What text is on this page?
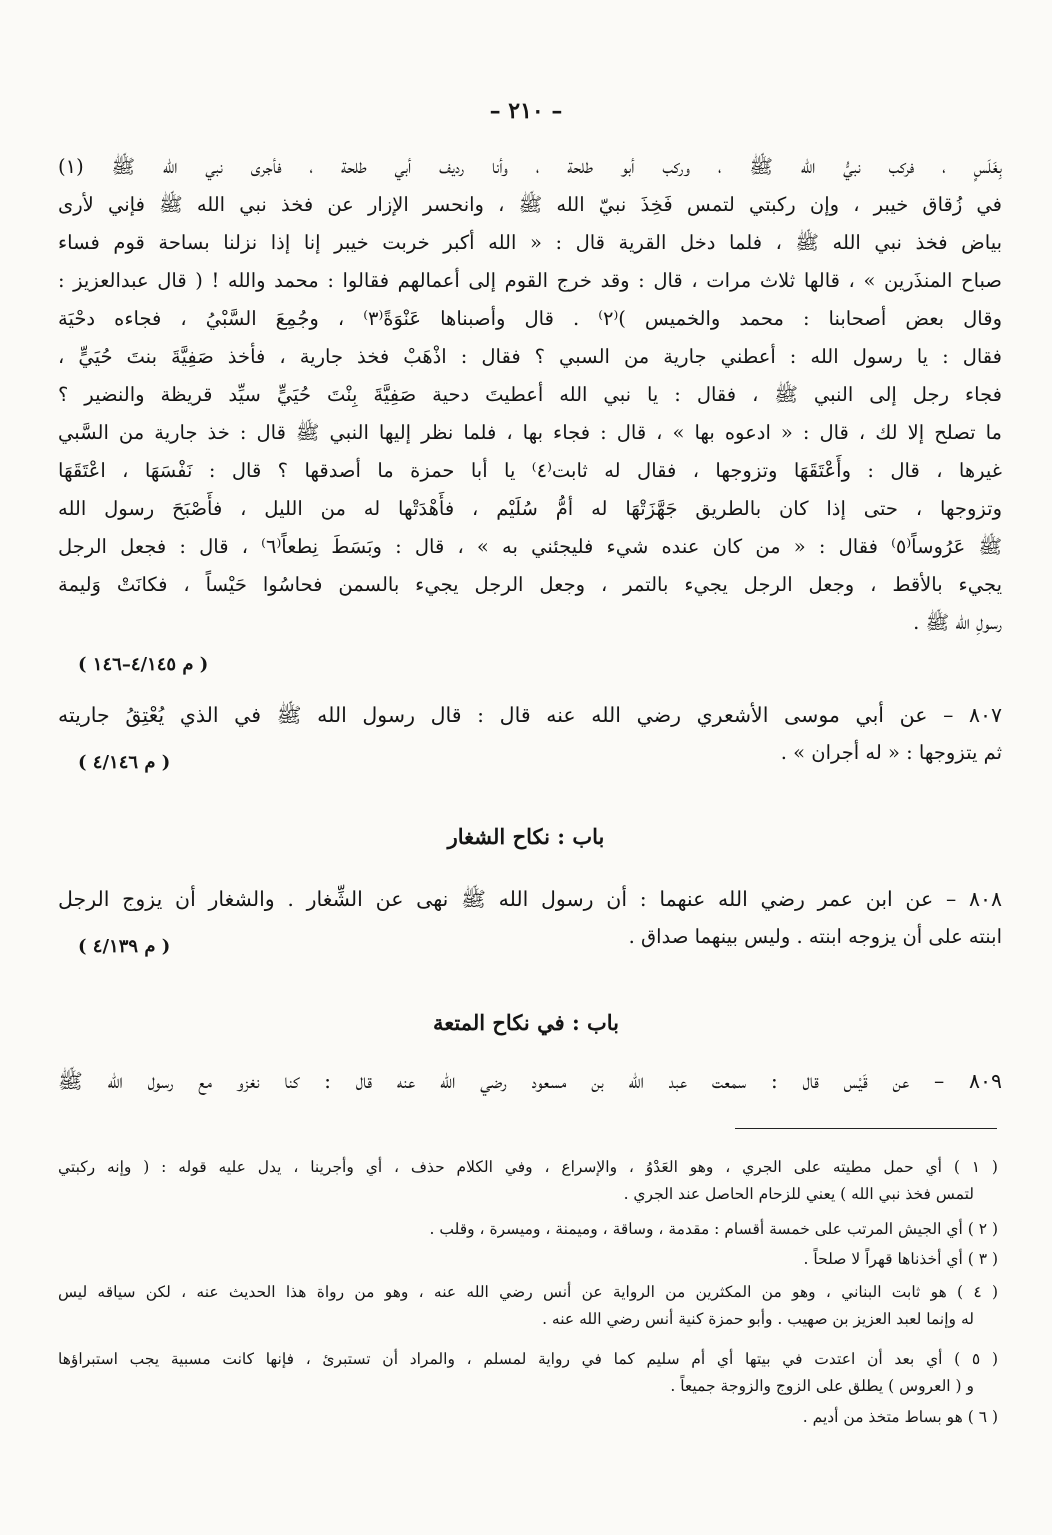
– ٢١٠ –
بِغَلَسٍ ، فركب نبيُّ الله ﷺ ، وركب أبو طلحة ، وأنا رديف أبي طلحة ، فأجرى نبي الله ﷺ (١)
في زُقاق خيبر ، وإن ركبتي لتمس فَخِذَ نبيّ الله ﷺ ، وانحسر الإزار عن فخذ نبي الله ﷺ فإني لأرى
بياض فخذ نبي الله ﷺ ، فلما دخل القرية قال : « الله أكبر خربت خيبر إنا إذا نزلنا بساحة قوم فساء
صباح المنذَرين » ، قالها ثلاث مرات ، قال : وقد خرج القوم إلى أعمالهم فقالوا : محمد والله ! ( قال عبدالعزيز :
وقال بعض أصحابنا : محمد والخميس )⁽٢⁾ . قال وأصبناها عَنْوَةً⁽٣⁾ ، وجُمِعَ السَّبْيُ ، فجاءه دحْيَة
فقال : يا رسول الله : أعطني جارية من السبي ؟ فقال : اذْهَبْ فخذ جارية ، فأخذ صَفِيَّةَ بنتَ حُيَيٍّ ،
فجاء رجل إلى النبي ﷺ ، فقال : يا نبي الله أعطيتَ دحية صَفِيَّةَ بِنْتَ حُيَيٍّ سيِّد قريظة والنضير ؟
ما تصلح إلا لك ، قال : « ادعوه بها » ، قال : فجاء بها ، فلما نظر إليها النبي ﷺ قال : خذ جارية من السَّبي
غيرها ، قال : وأَعْتَقَهَا وتزوجها ، فقال له ثابت⁽٤⁾ يا أبا حمزة ما أصدقها ؟ قال : نَفْسَهَا ، اعْتَقَهَا
وتزوجها ، حتى إذا كان بالطريق جَهَّزَتْهَا له أمُّ سُلَيْم ، فأَهْدَتْها له من الليل ، فأَصْبَحَ رسول الله
ﷺ عَرُوساً⁽٥⁾ فقال : « من كان عنده شيء فليجئني به » ، قال : وبَسَطَ نِطعاً⁽٦⁾ ، قال : فجعل الرجل
يجيء بالأقط ، وجعل الرجل يجيء بالتمر ، وجعل الرجل يجيء بالسمن فحاسُوا حَيْساً ، فكانَتْ وَليمة
رسولِ الله ﷺ .
( م ٤/١٤٥–١٤٦ )
٨٠٧ – عن أبي موسى الأشعري رضي الله عنه قال : قال رسول الله ﷺ في الذي يُعْتِقُ جاريته
ثم يتزوجها : « له أجران » .
( م ٤/١٤٦ )
باب : نكاح الشغار
٨٠٨ – عن ابن عمر رضي الله عنهما : أن رسول الله ﷺ نهى عن الشِّغار . والشغار أن يزوج الرجل
ابنته على أن يزوجه ابنته . وليس بينهما صداق .
( م ٤/١٣٩ )
باب : في نكاح المتعة
٨٠٩ – عن قَيْس قال : سمعت عبد الله بن مسعود رضي الله عنه قال : كنا نغزو مع رسول الله ﷺ
( ١ ) أي حمل مطيته على الجري ، وهو العَدْوُ ، والإسراع ، وفي الكلام حذف ، أي وأجرينا ، يدل عليه قوله : ( وإنه ركبتي
لتمس فخذ نبي الله ) يعني للزحام الحاصل عند الجري .
( ٢ ) أي الجيش المرتب على خمسة أقسام : مقدمة ، وساقة ، وميمنة ، وميسرة ، وقلب .
( ٣ ) أي أخذناها قهراً لا صلحاً .
( ٤ ) هو ثابت البناني ، وهو من المكثرين من الرواية عن أنس رضي الله عنه ، وهو من رواة هذا الحديث عنه ، لكن سياقه ليس
له وإنما لعبد العزيز بن صهيب . وأبو حمزة كنية أنس رضي الله عنه .
( ٥ ) أي بعد أن اعتدت في بيتها أي أم سليم كما في رواية لمسلم ، والمراد أن تستبرئ ، فإنها كانت مسبية يجب استبراؤها
و ( العروس ) يطلق على الزوج والزوجة جميعاً .
( ٦ ) هو بساط متخذ من أديم .
